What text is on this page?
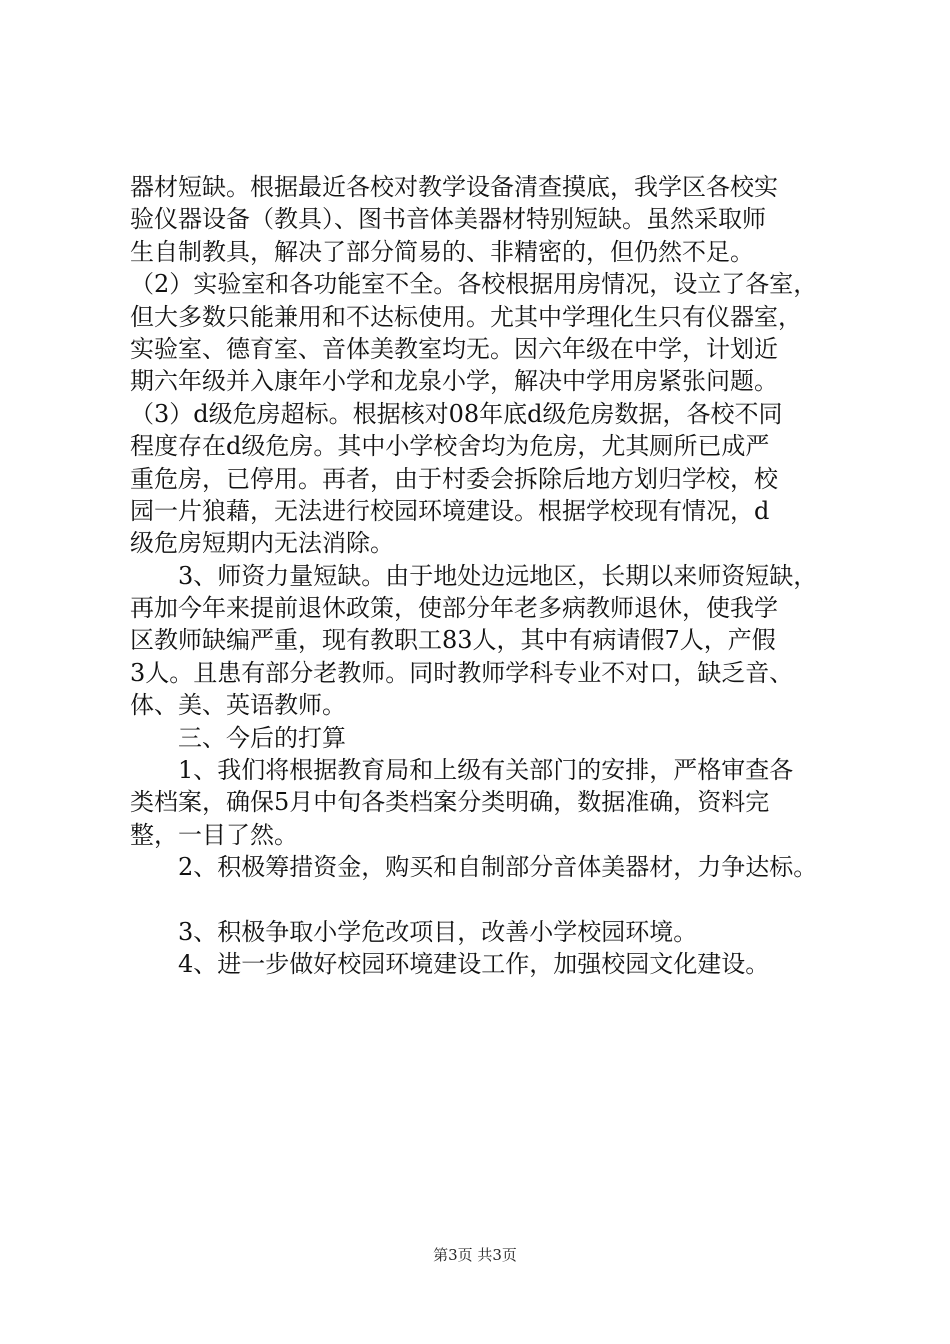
器材短缺。根据最近各校对教学设备清查摸底，我学区各校实
验仪器设备（教具）、图书音体美器材特别短缺。虽然采取师
生自制教具，解决了部分简易的、非精密的，但仍然不足。
（2）实验室和各功能室不全。各校根据用房情况，设立了各室，
但大多数只能兼用和不达标使用。尤其中学理化生只有仪器室，
实验室、德育室、音体美教室均无。因六年级在中学，计划近
期六年级并入康年小学和龙泉小学，解决中学用房紧张问题。
（3）d级危房超标。根据核对08年底d级危房数据，各校不同
程度存在d级危房。其中小学校舍均为危房，尤其厕所已成严
重危房，已停用。再者，由于村委会拆除后地方划归学校，校
园一片狼藉，无法进行校园环境建设。根据学校现有情况，d
级危房短期内无法消除。
　　3、师资力量短缺。由于地处边远地区，长期以来师资短缺，
再加今年来提前退休政策，使部分年老多病教师退休，使我学
区教师缺编严重，现有教职工83人，其中有病请假7人，产假
3人。且患有部分老教师。同时教师学科专业不对口，缺乏音、
体、美、英语教师。
　　三、今后的打算
　　1、我们将根据教育局和上级有关部门的安排，严格审查各
类档案，确保5月中旬各类档案分类明确，数据准确，资料完
整，一目了然。
　　2、积极筹措资金，购买和自制部分音体美器材，力争达标。
　　3、积极争取小学危改项目，改善小学校园环境。
　　4、进一步做好校园环境建设工作，加强校园文化建设。
第3页 共3页
